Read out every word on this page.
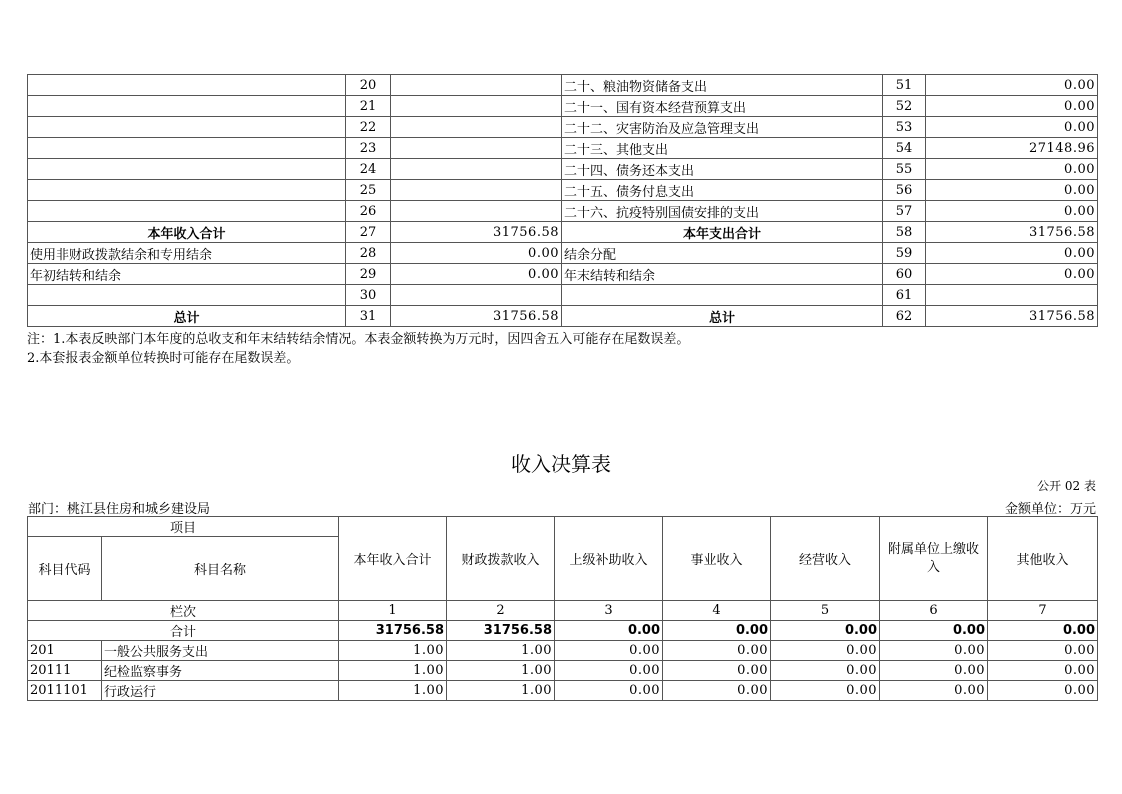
	20		二十、粮油物资储备支出	51	0.00
	21		二十一、国有资本经营预算支出	52	0.00
	22		二十二、灾害防治及应急管理支出	53	0.00
	23		二十三、其他支出	54	27148.96
	24		二十四、债务还本支出	55	0.00
	25		二十五、债务付息支出	56	0.00
	26		二十六、抗疫特别国债安排的支出	57	0.00
本年收入合计	27	31756.58	本年支出合计	58	31756.58
使用非财政拨款结余和专用结余	28	0.00	结余分配	59	0.00
年初结转和结余	29	0.00	年末结转和结余	60	0.00
	30			61	
总计	31	31756.58	总计	62	31756.58
注：1.本表反映部门本年度的总收支和年末结转结余情况。本表金额转换为万元时，因四舍五入可能存在尾数误差。
2.本套报表金额单位转换时可能存在尾数误差。
收入决算表
公开 02 表
部门：桃江县住房和城乡建设局	金额单位：万元
项目		本年收入合计	财政拨款收入	上级补助收入	事业收入	经营收入	附属单位上缴收入	其他收入
科目代码	科目名称							
栏次		1	2	3	4	5	6	7
合计		31756.58	31756.58	0.00	0.00	0.00	0.00	0.00
201	一般公共服务支出	1.00	1.00	0.00	0.00	0.00	0.00	0.00
20111	纪检监察事务	1.00	1.00	0.00	0.00	0.00	0.00	0.00
2011101	行政运行	1.00	1.00	0.00	0.00	0.00	0.00	0.00
